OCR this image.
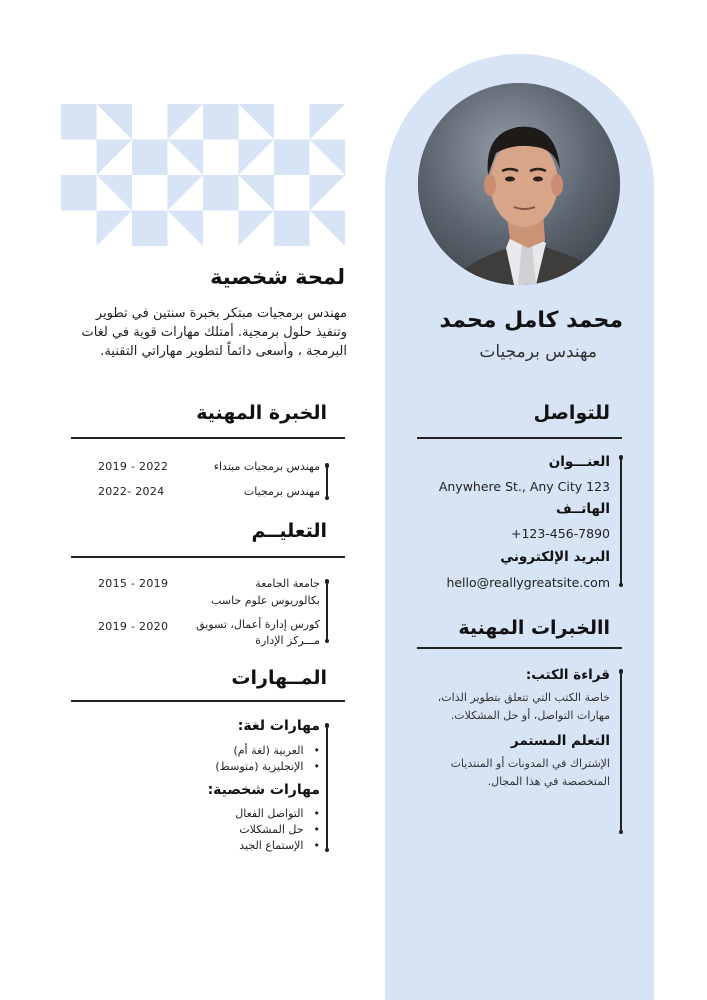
محمد كامل محمد
مهندس برمجيات
للتواصل
العنـــوان
Anywhere St., Any City 123
الهاتــف
+123-456-7890
البريد الإلكتروني
hello@reallygreatsite.com
االخبرات المهنية
قراءة الكتب:
خاصة الكتب التي تتعلق بتطوير الذات،
مهارات التواصل، أو حل المشكلات.
التعلم المستمر
الإشتراك في المدونات أو المنتديات
المتخصصة في هذا المجال.
لمحة شخصية
مهندس برمجيات مبتكر بخبرة سنتين في تطوير وتنفيذ حلول برمجية. أمتلك مهارات قوية في لغات البرمجة ، وأسعى دائماً لتطوير مهاراتي التقنية.
الخبرة المهنية
مهندس برمجيات مبتداء
2019 - 2022
مهندس برمجيات
2022- 2024
التعليــم
جامعة الجامعة
بكالوريوس علوم حاسب
2015 - 2019
كورس إدارة أعمال، تسويق
مـــركز الإدارة
2019 - 2020
المــهارات
مهارات لغة:
• العربية (لغة أم)
• الإنجليزية (متوسط)
مهارات شخصية:
• التواصل الفعال
• حل المشكلات
• الإستماع الجيد
